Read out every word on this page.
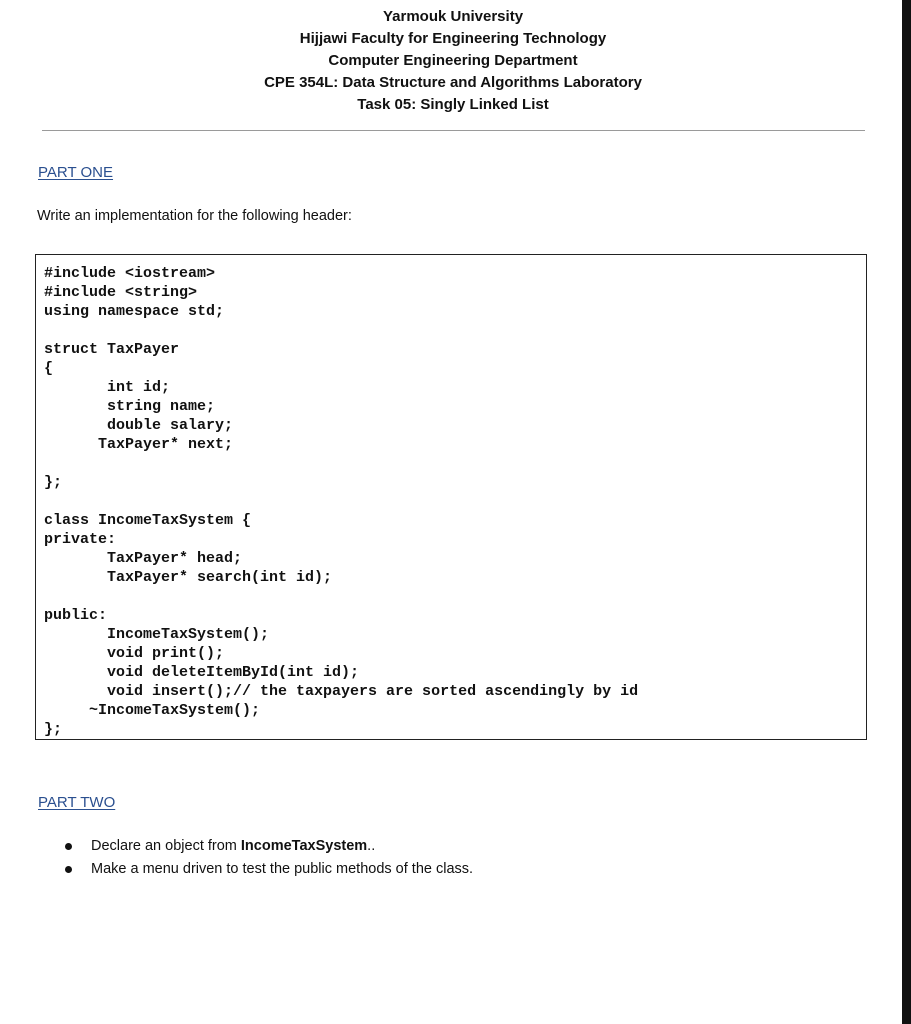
Yarmouk University
Hijjawi Faculty for Engineering Technology
Computer Engineering Department
CPE 354L: Data Structure and Algorithms Laboratory
Task 05: Singly Linked List
PART ONE
Write an implementation for the following header:
#include <iostream>
#include <string>
using namespace std;

struct TaxPayer
{
int id;
string name;
double salary;
TaxPayer* next;

};

class IncomeTaxSystem {
private:
TaxPayer* head;
TaxPayer* search(int id);

public:
IncomeTaxSystem();
void print();
void deleteItemById(int id);
void insert();// the taxpayers are sorted ascendingly by id
~IncomeTaxSystem();
};
PART TWO
Declare an object from IncomeTaxSystem..
Make a menu driven to test the public methods of the class.
